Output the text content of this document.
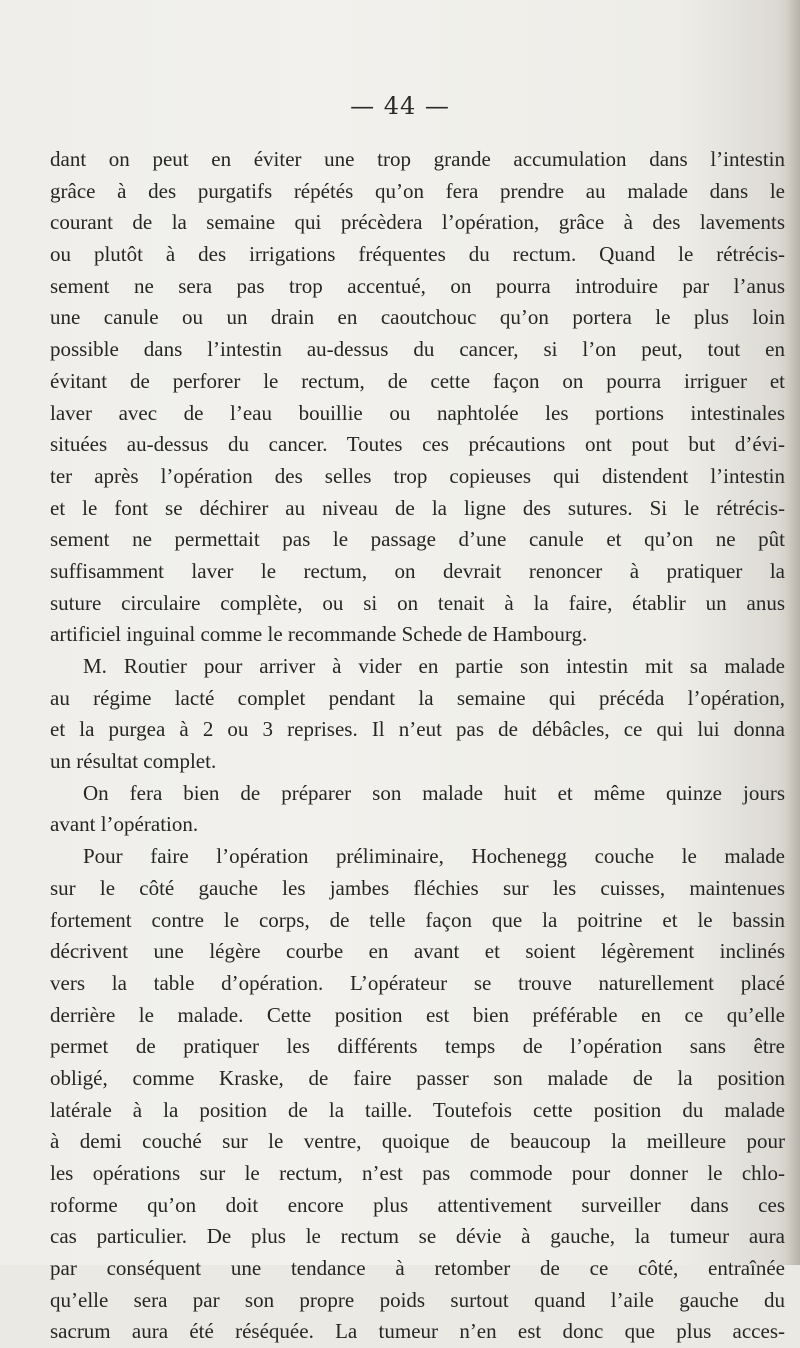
— 44 —
dant on peut en éviter une trop grande accumulation dans l’intestin
grâce à des purgatifs répétés qu’on fera prendre au malade dans le
courant de la semaine qui précèdera l’opération, grâce à des lavements
ou plutôt à des irrigations fréquentes du rectum. Quand le rétrécis-
sement ne sera pas trop accentué, on pourra introduire par l’anus
une canule ou un drain en caoutchouc qu’on portera le plus loin
possible dans l’intestin au-dessus du cancer, si l’on peut, tout en
évitant de perforer le rectum, de cette façon on pourra irriguer et
laver avec de l’eau bouillie ou naphtolée les portions intestinales
situées au-dessus du cancer. Toutes ces précautions ont pout but d’évi-
ter après l’opération des selles trop copieuses qui distendent l’intestin
et le font se déchirer au niveau de la ligne des sutures. Si le rétrécis-
sement ne permettait pas le passage d’une canule et qu’on ne pût
suffisamment laver le rectum, on devrait renoncer à pratiquer la
suture circulaire complète, ou si on tenait à la faire, établir un anus
artificiel inguinal comme le recommande Schede de Hambourg.
M. Routier pour arriver à vider en partie son intestin mit sa malade
au régime lacté complet pendant la semaine qui précéda l’opération,
et la purgea à 2 ou 3 reprises. Il n’eut pas de débâcles, ce qui lui donna
un résultat complet.
On fera bien de préparer son malade huit et même quinze jours
avant l’opération.
Pour faire l’opération préliminaire, Hochenegg couche le malade
sur le côté gauche les jambes fléchies sur les cuisses, maintenues
fortement contre le corps, de telle façon que la poitrine et le bassin
décrivent une légère courbe en avant et soient légèrement inclinés
vers la table d’opération. L’opérateur se trouve naturellement placé
derrière le malade. Cette position est bien préférable en ce qu’elle
permet de pratiquer les différents temps de l’opération sans être
obligé, comme Kraske, de faire passer son malade de la position
latérale à la position de la taille. Toutefois cette position du malade
à demi couché sur le ventre, quoique de beaucoup la meilleure pour
les opérations sur le rectum, n’est pas commode pour donner le chlo-
roforme qu’on doit encore plus attentivement surveiller dans ces
cas particulier. De plus le rectum se dévie à gauche, la tumeur aura
par conséquent une tendance à retomber de ce côté, entraînée
qu’elle sera par son propre poids surtout quand l’aile gauche du
sacrum aura été réséquée. La tumeur n’en est donc que plus acces-
